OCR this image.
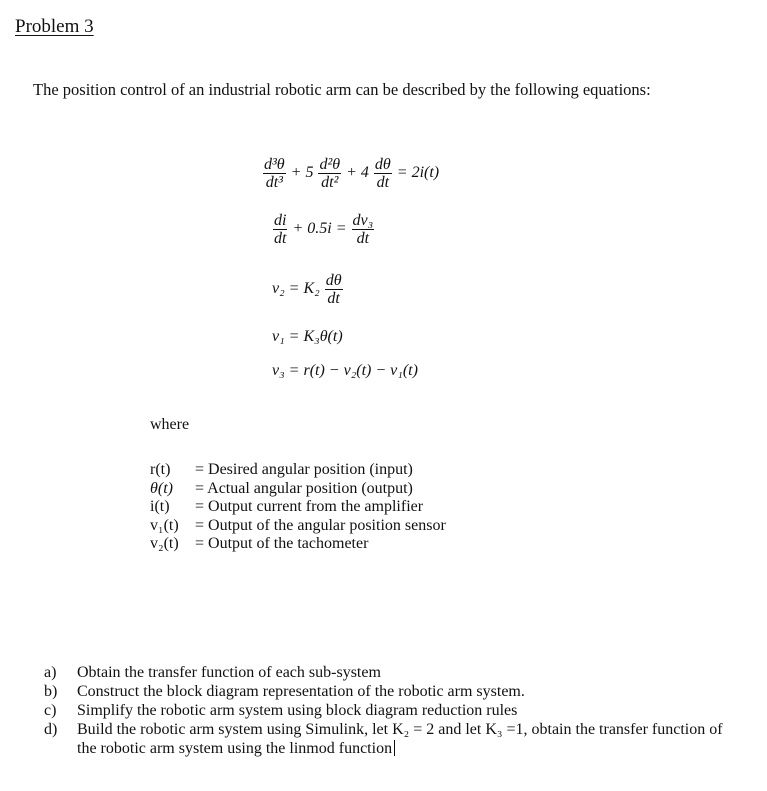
Problem 3
The position control of an industrial robotic arm can be described by the following equations:
$\frac{\text{d³θ}}{\text{dt³}} + 5 \frac{\text{d²θ}}{\text{dt²}} + 4 \frac{d\theta}{dt} = 2i(t)$
$\frac{di}{dt} + 0.5i = \frac{\text{dv₃}}{dt}$
$v_2 = K_2 \frac{d\theta}{dt}$
v₁ = K₃θ(t)
v₃ = r(t) − v₂(t) − v₁(t)
where
r(t)	= Desired angular position (input)
θ(t)	= Actual angular position (output)
i(t)	= Output current from the amplifier
v₁(t)	= Output of the angular position sensor
v₂(t)	= Output of the tachometer
a)	Obtain the transfer function of each sub-system
b)	Construct the block diagram representation of the robotic arm system.
c)	Simplify the robotic arm system using block diagram reduction rules
d)	Build the robotic arm system using Simulink, let K₂ = 2 and let K₃ =1, obtain the transfer function of the robotic arm system using the linmod function
